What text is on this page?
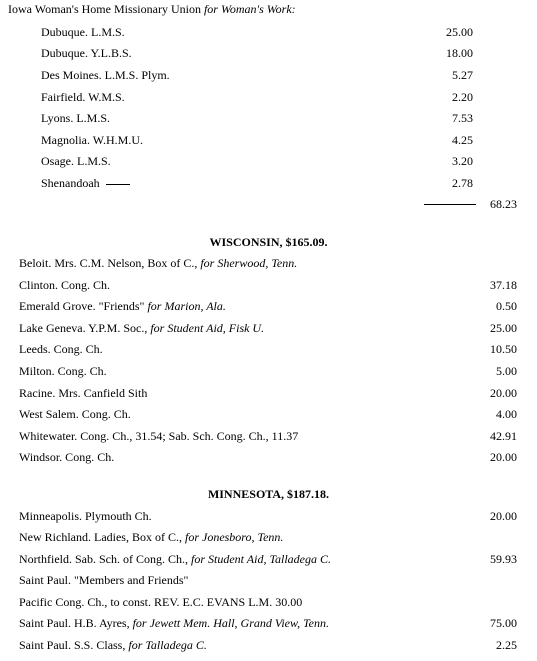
Iowa Woman's Home Missionary Union for Woman's Work:
Dubuque. L.M.S.	25.00
Dubuque. Y.L.B.S.	18.00
Des Moines. L.M.S. Plym.	5.27
Fairfield. W.M.S.	2.20
Lyons. L.M.S.	7.53
Magnolia. W.H.M.U.	4.25
Osage. L.M.S.	3.20
Shenandoah	2.78
68.23
WISCONSIN, $165.09.
Beloit. Mrs. C.M. Nelson, Box of C., for Sherwood, Tenn.
Clinton. Cong. Ch.	37.18
Emerald Grove. "Friends" for Marion, Ala.	0.50
Lake Geneva. Y.P.M. Soc., for Student Aid, Fisk U.	25.00
Leeds. Cong. Ch.	10.50
Milton. Cong. Ch.	5.00
Racine. Mrs. Canfield Sith	20.00
West Salem. Cong. Ch.	4.00
Whitewater. Cong. Ch., 31.54; Sab. Sch. Cong. Ch., 11.37	42.91
Windsor. Cong. Ch.	20.00
MINNESOTA, $187.18.
Minneapolis. Plymouth Ch.	20.00
New Richland. Ladies, Box of C., for Jonesboro, Tenn.
Northfield. Sab. Sch. of Cong. Ch., for Student Aid, Talladega C.	59.93
Saint Paul. "Members and Friends"
Pacific Cong. Ch., to const. REV. E.C. EVANS L.M. 30.00
Saint Paul. H.B. Ayres, for Jewett Mem. Hall, Grand View, Tenn.	75.00
Saint Paul. S.S. Class, for Talladega C.	2.25
